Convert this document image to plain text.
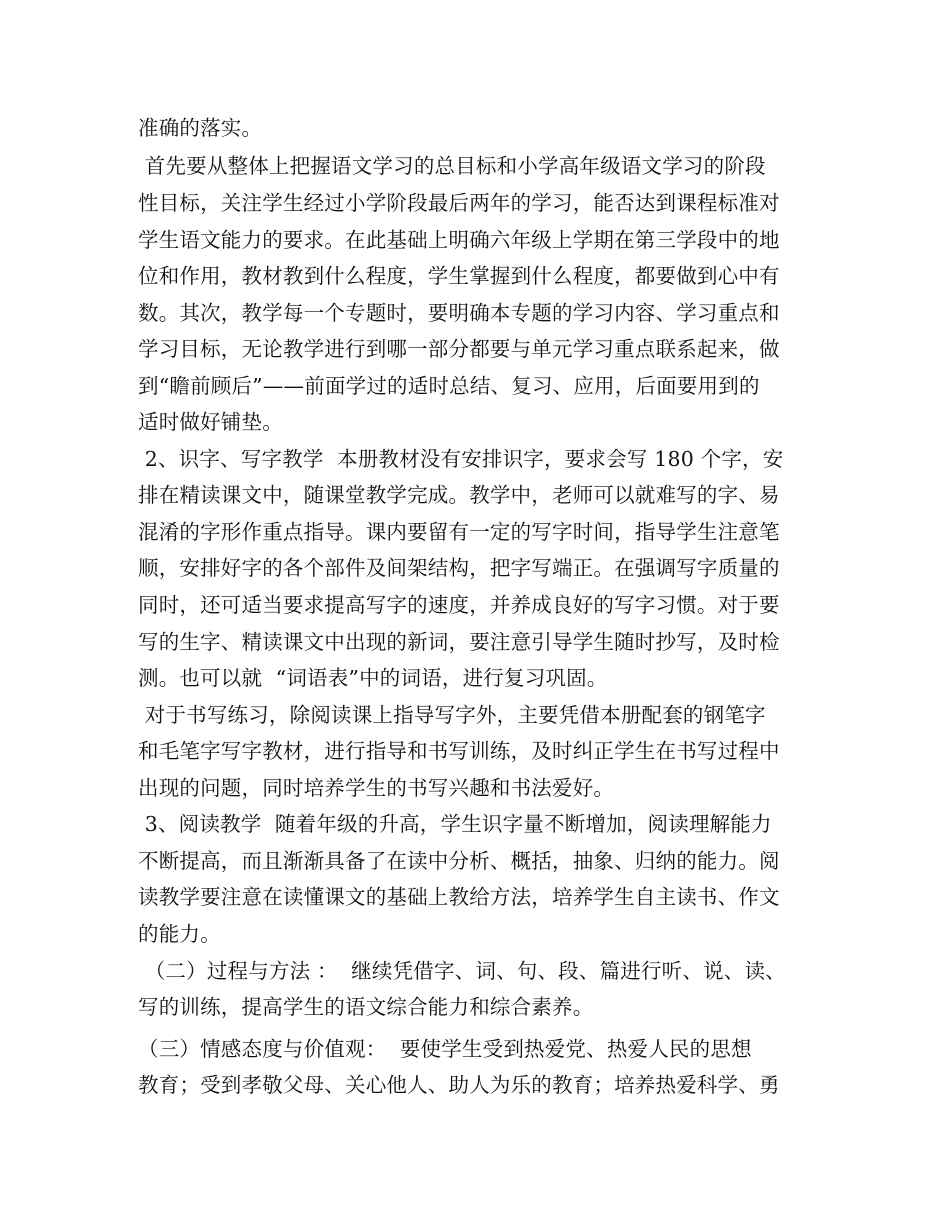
准确的落实。
首先要从整体上把握语文学习的总目标和小学高年级语文学习的阶段
性目标，关注学生经过小学阶段最后两年的学习，能否达到课程标准对
学生语文能力的要求。在此基础上明确六年级上学期在第三学段中的地
位和作用，教材教到什么程度，学生掌握到什么程度，都要做到心中有
数。其次，教学每一个专题时，要明确本专题的学习内容、学习重点和
学习目标，无论教学进行到哪一部分都要与单元学习重点联系起来，做
到“瞻前顾后”——前面学过的适时总结、复习、应用，后面要用到的
适时做好铺垫。
2、识字、写字教学  本册教材没有安排识字，要求会写 180 个字，安
排在精读课文中，随课堂教学完成。教学中，老师可以就难写的字、易
混淆的字形作重点指导。课内要留有一定的写字时间，指导学生注意笔
顺，安排好字的各个部件及间架结构，把字写端正。在强调写字质量的
同时，还可适当要求提高写字的速度，并养成良好的写字习惯。对于要
写的生字、精读课文中出现的新词，要注意引导学生随时抄写，及时检
测。也可以就  “词语表”中的词语，进行复习巩固。
对于书写练习，除阅读课上指导写字外，主要凭借本册配套的钢笔字
和毛笔字写字教材，进行指导和书写训练，及时纠正学生在书写过程中
出现的问题，同时培养学生的书写兴趣和书法爱好。
3、阅读教学  随着年级的升高，学生识字量不断增加，阅读理解能力
不断提高，而且渐渐具备了在读中分析、概括，抽象、归纳的能力。阅
读教学要注意在读懂课文的基础上教给方法，培养学生自主读书、作文
的能力。
（二）过程与方法 ：  继续凭借字、词、句、段、篇进行听、说、读、
写的训练，提高学生的语文综合能力和综合素养。
（三）情感态度与价值观：  要使学生受到热爱党、热爱人民的思想
教育；受到孝敬父母、关心他人、助人为乐的教育；培养热爱科学、勇
